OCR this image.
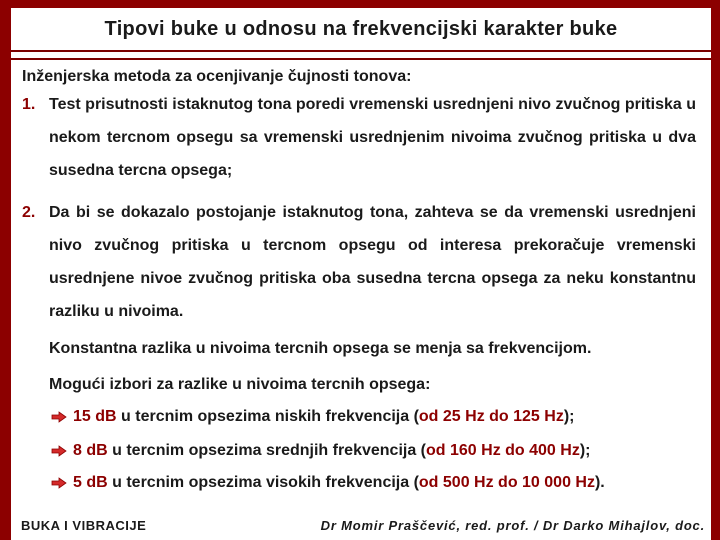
Tipovi buke u odnosu na frekvencijski karakter buke
Inženjerska metoda za ocenjivanje čujnosti tonova:
1. Test prisutnosti istaknutog tona poredi vremenski usrednjeni nivo zvučnog pritiska u nekom tercnom opsegu sa vremenski usrednjenim nivoima zvučnog pritiska u dva susedna tercna opsega;
2. Da bi se dokazalo postojanje istaknutog tona, zahteva se da vremenski usrednjeni nivo zvučnog pritiska u tercnom opsegu od interesa prekoračuje vremenski usrednjene nivoe zvučnog pritiska oba susedna tercna opsega za neku konstantnu razliku u nivoima.
Konstantna razlika u nivoima tercnih opsega se menja sa frekvencijom.
Mogući izbori za razlike u nivoima tercnih opsega:
15 dB u tercnim opsezima niskih frekvencija (od 25 Hz do 125 Hz);
8 dB u tercnim opsezima srednjih frekvencija (od 160 Hz do 400 Hz);
5 dB u tercnim opsezima visokih frekvencija (od 500 Hz do 10 000 Hz).
BUKA I VIBRACIJE	Dr Momir Praščević, red. prof. / Dr Darko Mihajlov, doc.
